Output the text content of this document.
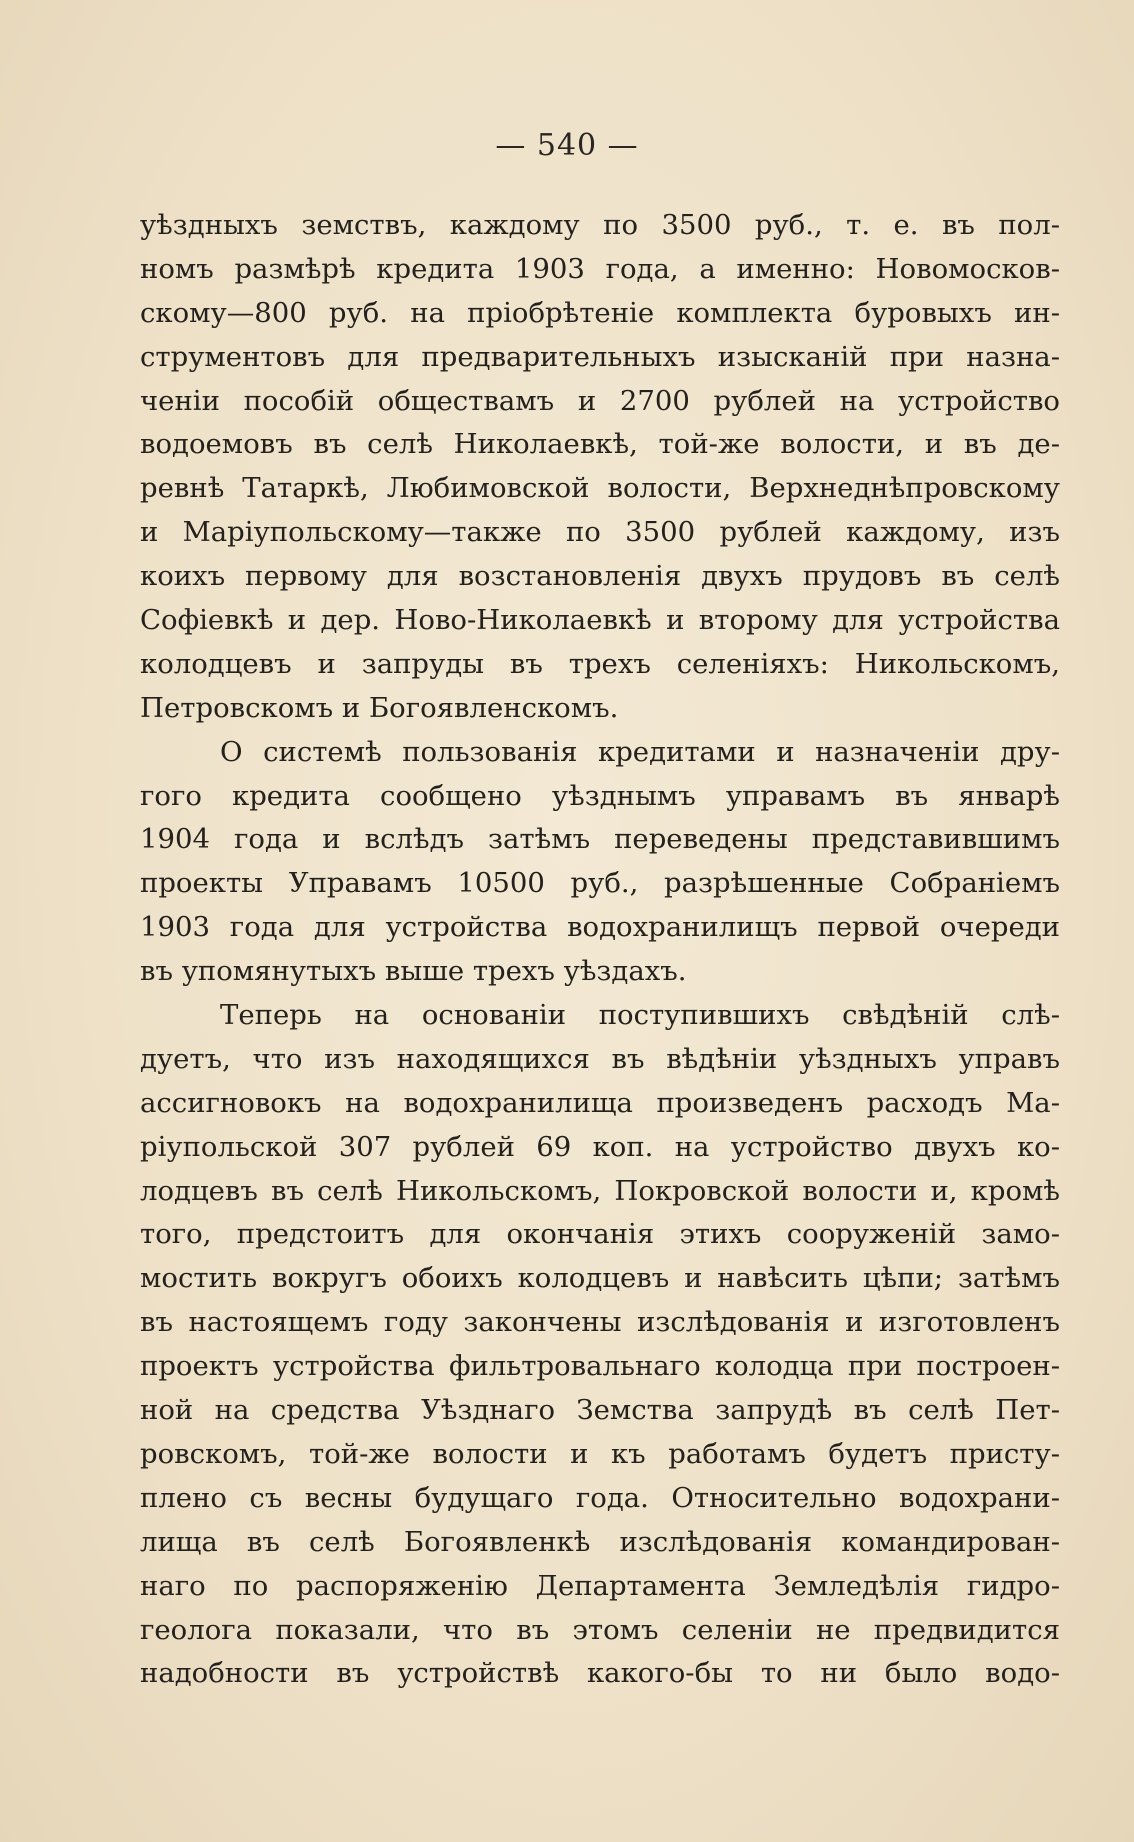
— 540 —
уѣздныхъ земствъ, каждому по 3500 руб., т. е. въ пол-
номъ размѣрѣ кредита 1903 года, а именно: Новомосков-
скому—800 руб. на пріобрѣтеніе комплекта буровыхъ ин-
струментовъ для предварительныхъ изысканій при назна-
ченіи пособій обществамъ и 2700 рублей на устройство
водоемовъ въ селѣ Николаевкѣ, той-же волости, и въ де-
ревнѣ Татаркѣ, Любимовской волости, Верхнеднѣпровскому
и Маріупольскому—также по 3500 рублей каждому, изъ
коихъ первому для возстановленія двухъ прудовъ въ селѣ
Софіевкѣ и дер. Ново-Николаевкѣ и второму для устройства
колодцевъ и запруды въ трехъ селеніяхъ: Никольскомъ,
Петровскомъ и Богоявленскомъ.
О системѣ пользованія кредитами и назначеніи дру-
гого кредита сообщено уѣзднымъ управамъ въ январѣ
1904 года и вслѣдъ затѣмъ переведены представившимъ
проекты Управамъ 10500 руб., разрѣшенные Собраніемъ
1903 года для устройства водохранилищъ первой очереди
въ упомянутыхъ выше трехъ уѣздахъ.
Теперь на основаніи поступившихъ свѣдѣній слѣ-
дуетъ, что изъ находящихся въ вѣдѣніи уѣздныхъ управъ
ассигновокъ на водохранилища произведенъ расходъ Ма-
ріупольской 307 рублей 69 коп. на устройство двухъ ко-
лодцевъ въ селѣ Никольскомъ, Покровской волости и, кромѣ
того, предстоитъ для окончанія этихъ сооруженій замо-
мостить вокругъ обоихъ колодцевъ и навѣсить цѣпи; затѣмъ
въ настоящемъ году закончены изслѣдованія и изготовленъ
проектъ устройства фильтровальнаго колодца при построен-
ной на средства Уѣзднаго Земства запрудѣ въ селѣ Пет-
ровскомъ, той-же волости и къ работамъ будетъ присту-
плено съ весны будущаго года. Относительно водохрани-
лища въ селѣ Богоявленкѣ изслѣдованія командирован-
наго по распоряженію Департамента Земледѣлія гидро-
геолога показали, что въ этомъ селеніи не предвидится
надобности въ устройствѣ какого-бы то ни было водо-
